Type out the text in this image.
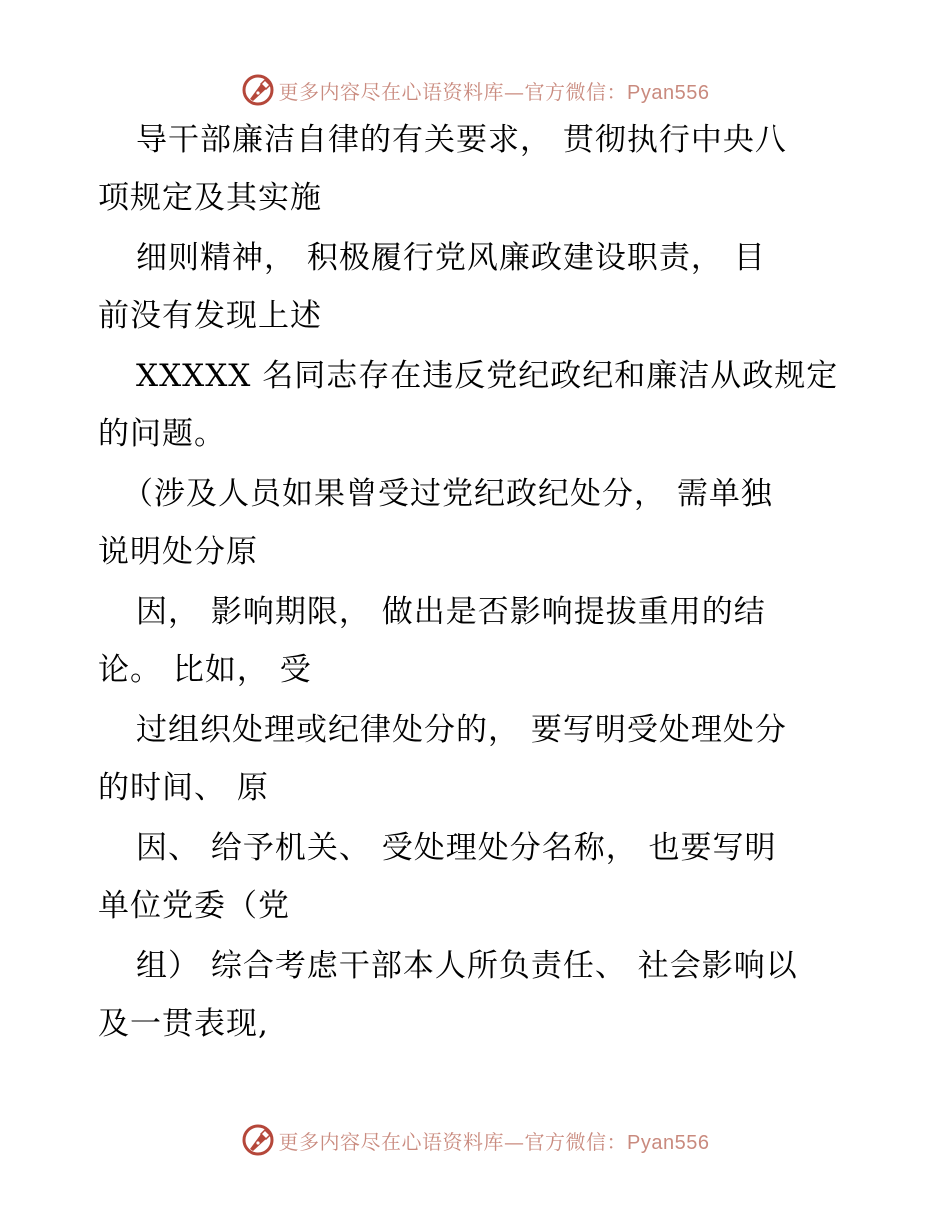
更多内容尽在心语资料库—官方微信：Pyan556
导干部廉洁自律的有关要求， 贯彻执行中央八
项规定及其实施
细则精神， 积极履行党风廉政建设职责， 目
前没有发现上述
XXXXX 名同志存在违反党纪政纪和廉洁从政规定
的问题。
（涉及人员如果曾受过党纪政纪处分， 需单独
说明处分原
因， 影响期限， 做出是否影响提拔重用的结
论。 比如， 受
过组织处理或纪律处分的， 要写明受处理处分
的时间、 原
因、 给予机关、 受处理处分名称， 也要写明
单位党委（党
组） 综合考虑干部本人所负责任、 社会影响以
及一贯表现,
更多内容尽在心语资料库—官方微信：Pyan556
